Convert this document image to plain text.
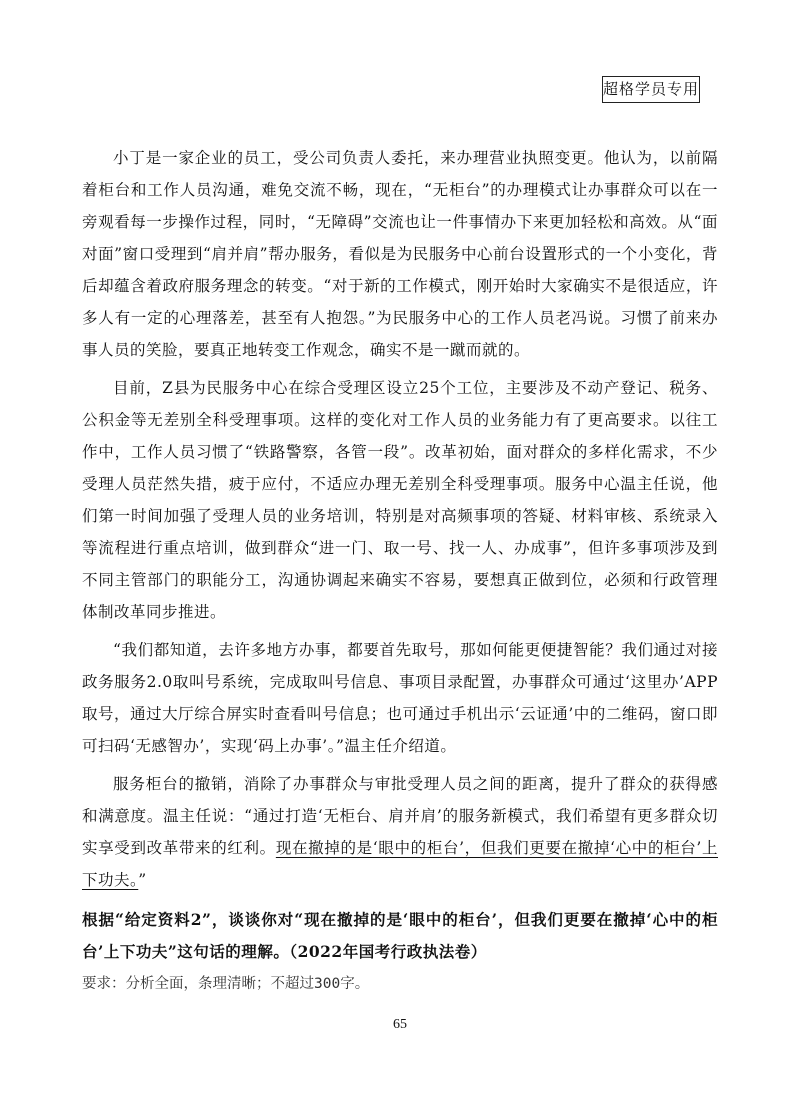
超格学员专用

小丁是一家企业的员工，受公司负责人委托，来办理营业执照变更。他认为，以前隔着柜台和工作人员沟通，难免交流不畅，现在，“无柜台”的办理模式让办事群众可以在一旁观看每一步操作过程，同时，“无障碍”交流也让一件事情办下来更加轻松和高效。从“面对面”窗口受理到“肩并肩”帮办服务，看似是为民服务中心前台设置形式的一个小变化，背后却蕴含着政府服务理念的转变。“对于新的工作模式，刚开始时大家确实不是很适应，许多人有一定的心理落差，甚至有人抱怨。”为民服务中心的工作人员老冯说。习惯了前来办事人员的笑脸，要真正地转变工作观念，确实不是一蹴而就的。

目前，Z县为民服务中心在综合受理区设立25个工位，主要涉及不动产登记、税务、公积金等无差别全科受理事项。这样的变化对工作人员的业务能力有了更高要求。以往工作中，工作人员习惯了“铁路警察，各管一段”。改革初始，面对群众的多样化需求，不少受理人员茫然失措，疲于应付，不适应办理无差别全科受理事项。服务中心温主任说，他们第一时间加强了受理人员的业务培训，特别是对高频事项的答疑、材料审核、系统录入等流程进行重点培训，做到群众“进一门、取一号、找一人、办成事”，但许多事项涉及到不同主管部门的职能分工，沟通协调起来确实不容易，要想真正做到位，必须和行政管理体制改革同步推进。

“我们都知道，去许多地方办事，都要首先取号，那如何能更便捷智能？我们通过对接政务服务2.0取叫号系统，完成取叫号信息、事项目录配置，办事群众可通过‘这里办’APP取号，通过大厅综合屏实时查看叫号信息；也可通过手机出示‘云证通’中的二维码，窗口即可扫码‘无感智办’，实现‘码上办事’。”温主任介绍道。

服务柜台的撤销，消除了办事群众与审批受理人员之间的距离，提升了群众的获得感和满意度。温主任说：“通过打造‘无柜台、肩并肩’的服务新模式，我们希望有更多群众切实享受到改革带来的红利。现在撤掉的是‘眼中的柜台’，但我们更要在撤掉‘心中的柜台’上下功夫。”

根据“给定资料2”，谈谈你对“现在撤掉的是‘眼中的柜台’，但我们更要在撤掉‘心中的柜台’上下功夫”这句话的理解。（2022年国考行政执法卷）

要求：分析全面，条理清晰；不超过300字。

65
